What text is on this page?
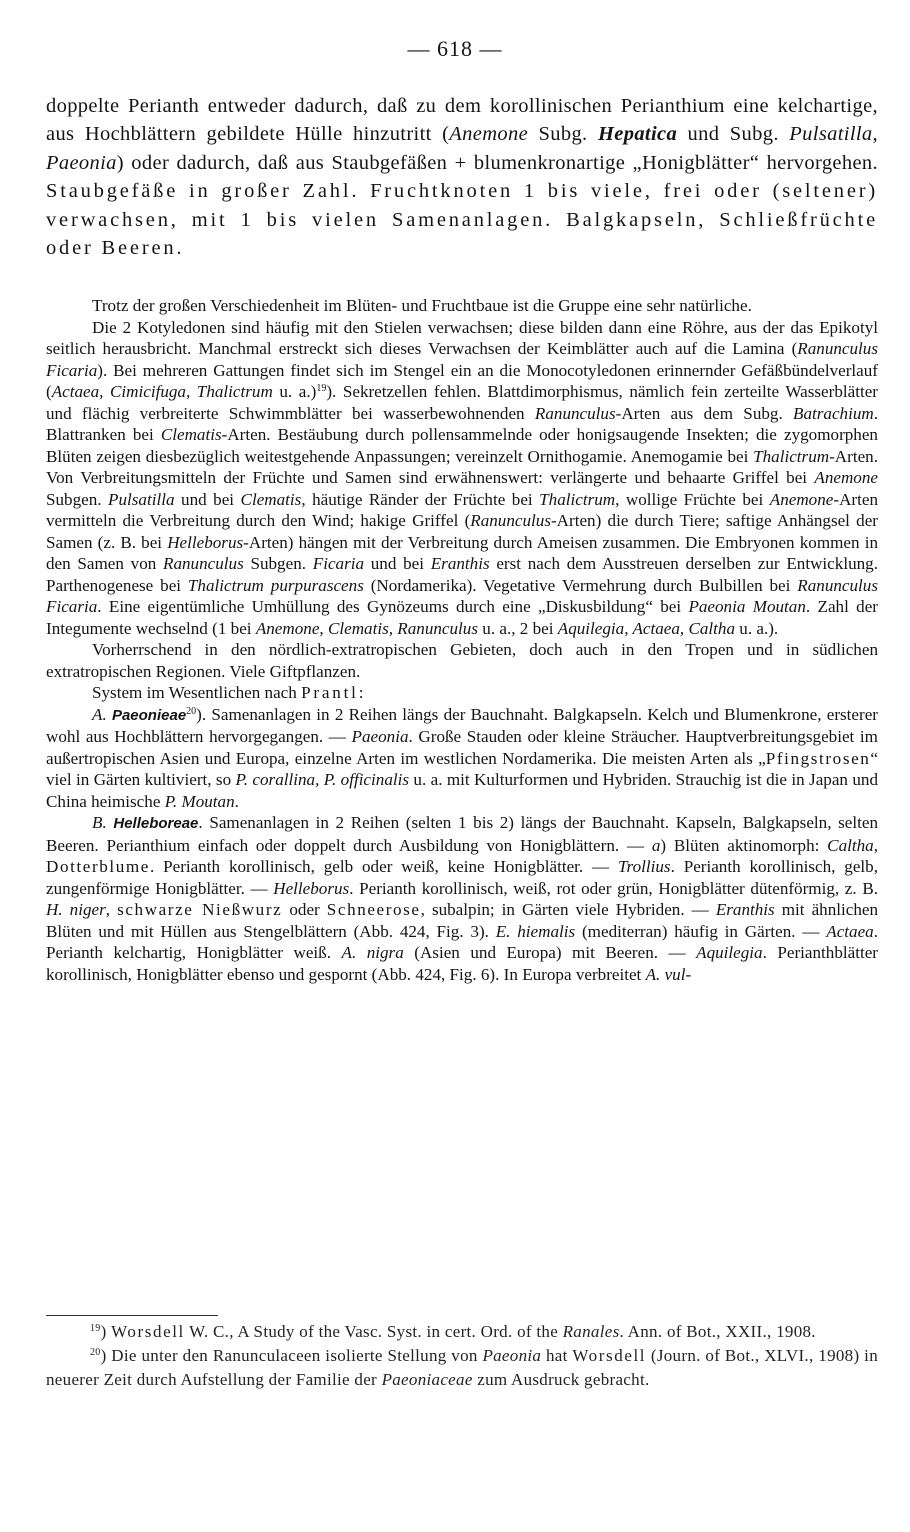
— 618 —
doppelte Perianth entweder dadurch, daß zu dem korollinischen Perianthium eine kelchartige, aus Hochblättern gebildete Hülle hinzutritt (Anemone Subg. Hepatica und Subg. Pulsatilla, Paeonia) oder dadurch, daß aus Staubgefäßen + blumenkronartige „Honigblätter“ hervorgehen. Staubgefäße in großer Zahl. Fruchtknoten 1 bis viele, frei oder (seltener) verwachsen, mit 1 bis vielen Samenanlagen. Balgkapseln, Schließfrüchte oder Beeren.

Trotz der großen Verschiedenheit im Blüten- und Fruchtbaue ist die Gruppe eine sehr natürliche.

Die 2 Kotyledonen sind häufig mit den Stielen verwachsen; diese bilden dann eine Röhre, aus der das Epikotyl seitlich herausbricht. Manchmal erstreckt sich dieses Verwachsen der Keimblätter auch auf die Lamina (Ranunculus Ficaria). Bei mehreren Gattungen findet sich im Stengel ein an die Monocotyledonen erinnernder Gefäßbündelverlauf (Actaea, Cimicifuga, Thalictrum u. a.)$^{19}$). Sekretzellen fehlen. Blattdimorphismus, nämlich fein zerteilte Wasserblätter und flächig verbreiterte Schwimmblätter bei wasserbewohnenden Ranunculus-Arten aus dem Subg. Batrachium. Blattranken bei Clematis-Arten. Bestäubung durch pollensammelnde oder honigsaugende Insekten; die zygomorphen Blüten zeigen diesbezüglich weitestgehende Anpassungen; vereinzelt Ornithogamie. Anemogamie bei Thalictrum-Arten. Von Verbreitungsmitteln der Früchte und Samen sind erwähnenswert: verlängerte und behaarte Griffel bei Anemone Subgen. Pulsatilla und bei Clematis, häutige Ränder der Früchte bei Thalictrum, wollige Früchte bei Anemone-Arten vermitteln die Verbreitung durch den Wind; hakige Griffel (Ranunculus-Arten) die durch Tiere; saftige Anhängsel der Samen (z. B. bei Helleborus-Arten) hängen mit der Verbreitung durch Ameisen zusammen. Die Embryonen kommen in den Samen von Ranunculus Subgen. Ficaria und bei Eranthis erst nach dem Ausstreuen derselben zur Entwicklung. Parthenogenese bei Thalictrum purpurascens (Nordamerika). Vegetative Vermehrung durch Bulbillen bei Ranunculus Ficaria. Eine eigentümliche Umhüllung des Gynözeums durch eine „Diskusbildung“ bei Paeonia Moutan. Zahl der Integumente wechselnd (1 bei Anemone, Clematis, Ranunculus u. a., 2 bei Aquilegia, Actaea, Caltha u. a.).

Vorherrschend in den nördlich-extratropischen Gebieten, doch auch in den Tropen und in südlichen extratropischen Regionen. Viele Giftpflanzen.

System im Wesentlichen nach Prantl:

A. Paeonieae$^{20}$). Samenanlagen in 2 Reihen längs der Bauchnaht. Balgkapseln. Kelch und Blumenkrone, ersterer wohl aus Hochblättern hervorgegangen. — Paeonia. Große Stauden oder kleine Sträucher. Hauptverbreitungsgebiet im außertropischen Asien und Europa, einzelne Arten im westlichen Nordamerika. Die meisten Arten als „Pfingstrosen“ viel in Gärten kultiviert, so P. corallina, P. officinalis u. a. mit Kulturformen und Hybriden. Strauchig ist die in Japan und China heimische P. Moutan.

B. Helleboreae. Samenanlagen in 2 Reihen (selten 1 bis 2) längs der Bauchnaht. Kapseln, Balgkapseln, selten Beeren. Perianthium einfach oder doppelt durch Ausbildung von Honigblättern. — a) Blüten aktinomorph: Caltha, Dotterblume. Perianth korollinisch, gelb oder weiß, keine Honigblätter. — Trollius. Perianth korollinisch, gelb, zungenförmige Honigblätter. — Helleborus. Perianth korollinisch, weiß, rot oder grün, Honigblätter dütenförmig, z. B. H. niger, schwarze Nießwurz oder Schneerose, subalpin; in Gärten viele Hybriden. — Eranthis mit ähnlichen Blüten und mit Hüllen aus Stengelblättern (Abb. 424, Fig. 3). E. hiemalis (mediterran) häufig in Gärten. — Actaea. Perianth kelchartig, Honigblätter weiß. A. nigra (Asien und Europa) mit Beeren. — Aquilegia. Perianthblätter korollinisch, Honigblätter ebenso und gespornt (Abb. 424, Fig. 6). In Europa verbreitet A. vul-

$^{19}$) Worsdell W. C., A Study of the Vasc. Syst. in cert. Ord. of the Ranales. Ann. of Bot., XXII., 1908.

$^{20}$) Die unter den Ranunculaceen isolierte Stellung von Paeonia hat Worsdell (Journ. of Bot., XLVI., 1908) in neuerer Zeit durch Aufstellung der Familie der Paeoniaceae zum Ausdruck gebracht.
